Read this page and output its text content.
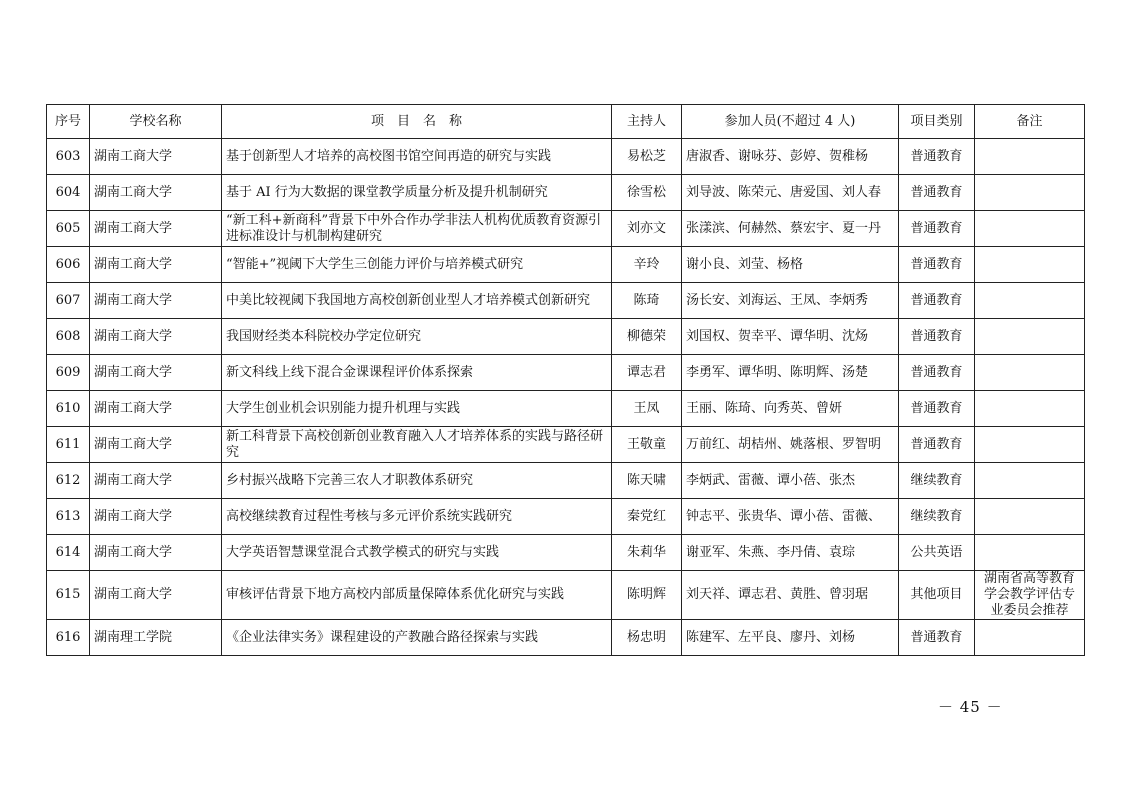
序号	学校名称	项　目　名　称	主持人	参加人员(不超过 4 人)	项目类别	备注
603	湖南工商大学	基于创新型人才培养的高校图书馆空间再造的研究与实践	易松芝	唐淑香、谢咏芬、彭婷、贺稚杨	普通教育	
604	湖南工商大学	基于 AI 行为大数据的课堂教学质量分析及提升机制研究	徐雪松	刘导波、陈荣元、唐爱国、刘人春	普通教育	
605	湖南工商大学	“新工科+新商科”背景下中外合作办学非法人机构优质教育资源引进标准设计与机制构建研究	刘亦文	张漾滨、何赫然、蔡宏宇、夏一丹	普通教育	
606	湖南工商大学	“智能+”视阈下大学生三创能力评价与培养模式研究	辛玲	谢小良、刘莹、杨格	普通教育	
607	湖南工商大学	中美比较视阈下我国地方高校创新创业型人才培养模式创新研究	陈琦	汤长安、刘海运、王凤、李炳秀	普通教育	
608	湖南工商大学	我国财经类本科院校办学定位研究	柳德荣	刘国权、贺幸平、谭华明、沈炀	普通教育	
609	湖南工商大学	新文科线上线下混合金课课程评价体系探索	谭志君	李勇军、谭华明、陈明辉、汤楚	普通教育	
610	湖南工商大学	大学生创业机会识别能力提升机理与实践	王凤	王丽、陈琦、向秀英、曾妍	普通教育	
611	湖南工商大学	新工科背景下高校创新创业教育融入人才培养体系的实践与路径研究	王敬童	万前红、胡桔州、姚落根、罗智明	普通教育	
612	湖南工商大学	乡村振兴战略下完善三农人才职教体系研究	陈天啸	李炳武、雷薇、谭小蓓、张杰	继续教育	
613	湖南工商大学	高校继续教育过程性考核与多元评价系统实践研究	秦党红	钟志平、张贵华、谭小蓓、雷薇、	继续教育	
614	湖南工商大学	大学英语智慧课堂混合式教学模式的研究与实践	朱莉华	谢亚军、朱燕、李丹倩、袁琮	公共英语	
615	湖南工商大学	审核评估背景下地方高校内部质量保障体系优化研究与实践	陈明辉	刘天祥、谭志君、黄胜、曾羽琚	其他项目	湖南省高等教育学会教学评估专业委员会推荐
616	湖南理工学院	《企业法律实务》课程建设的产教融合路径探索与实践	杨忠明	陈建军、左平良、廖丹、刘杨	普通教育	
－ 45 －
